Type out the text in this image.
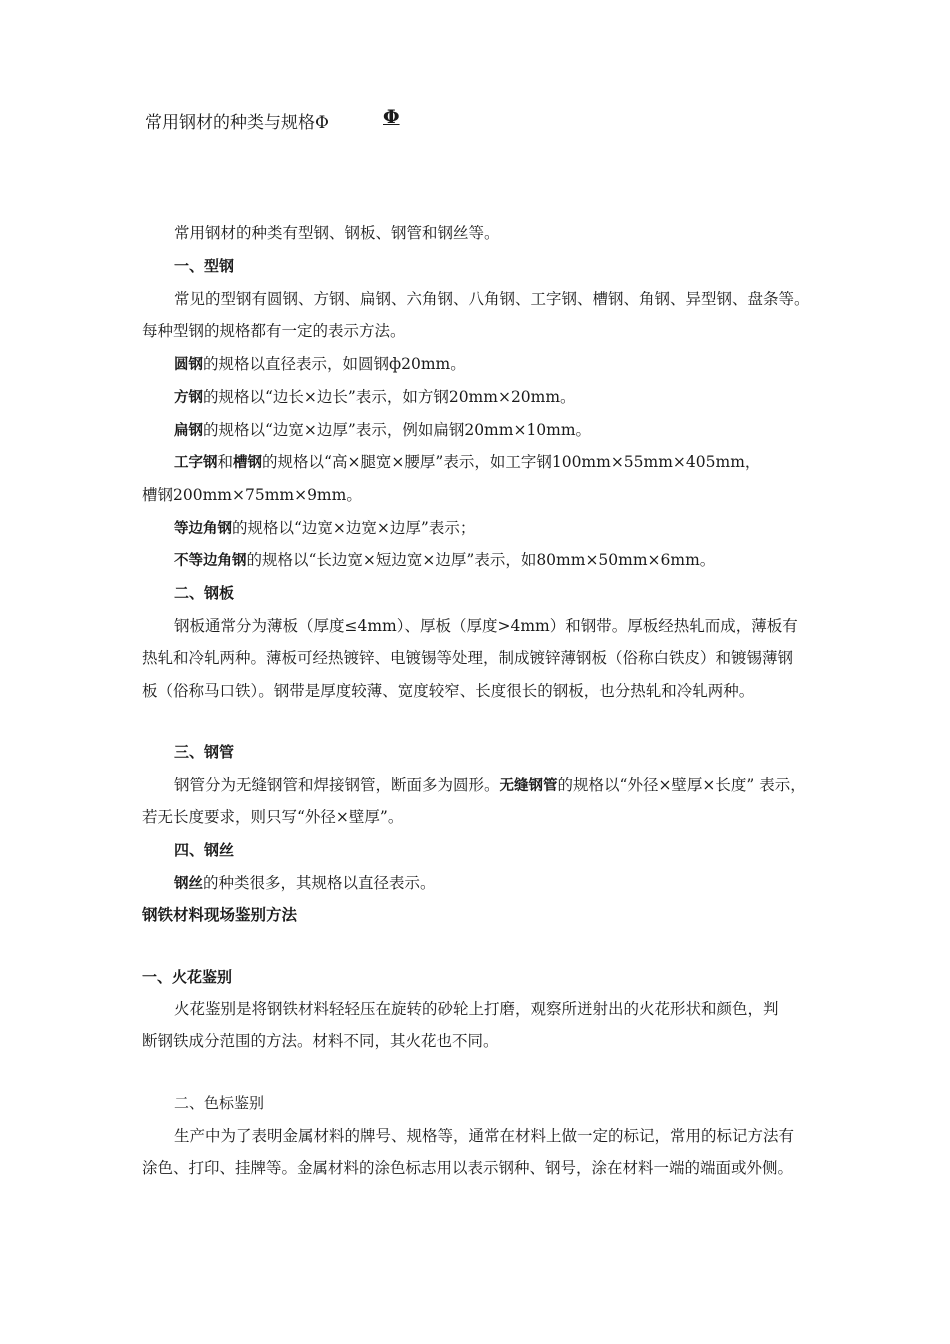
常用钢材的种类与规格Φ	Φ
常用钢材的种类有型钢、钢板、钢管和钢丝等。
一、型钢
常见的型钢有圆钢、方钢、扁钢、六角钢、八角钢、工字钢、槽钢、角钢、异型钢、盘条等。
每种型钢的规格都有一定的表示方法。
圆钢的规格以直径表示，如圆钢ф20mm。
方钢的规格以“边长×边长”表示，如方钢20mm×20mm。
扁钢的规格以“边宽×边厚”表示，例如扁钢20mm×10mm。
工字钢和槽钢的规格以“高×腿宽×腰厚”表示，如工字钢100mm×55mm×405mm，
槽钢200mm×75mm×9mm。
等边角钢的规格以“边宽×边宽×边厚”表示；
不等边角钢的规格以“长边宽×短边宽×边厚”表示，如80mm×50mm×6mm。
二、钢板
钢板通常分为薄板（厚度≤4mm）、厚板（厚度>4mm）和钢带。厚板经热轧而成，薄板有
热轧和冷轧两种。薄板可经热镀锌、电镀锡等处理，制成镀锌薄钢板（俗称白铁皮）和镀锡薄钢
板（俗称马口铁）。钢带是厚度较薄、宽度较窄、长度很长的钢板，也分热轧和冷轧两种。
三、钢管
钢管分为无缝钢管和焊接钢管，断面多为圆形。无缝钢管的规格以“外径×壁厚×长度” 表示，
若无长度要求，则只写“外径×壁厚”。
四、钢丝
钢丝的种类很多，其规格以直径表示。
钢铁材料现场鉴别方法
一、火花鉴别
火花鉴别是将钢铁材料轻轻压在旋转的砂轮上打磨，观察所迸射出的火花形状和颜色，判
断钢铁成分范围的方法。材料不同，其火花也不同。
二、色标鉴别
生产中为了表明金属材料的牌号、规格等，通常在材料上做一定的标记，常用的标记方法有
涂色、打印、挂牌等。金属材料的涂色标志用以表示钢种、钢号，涂在材料一端的端面或外侧。
